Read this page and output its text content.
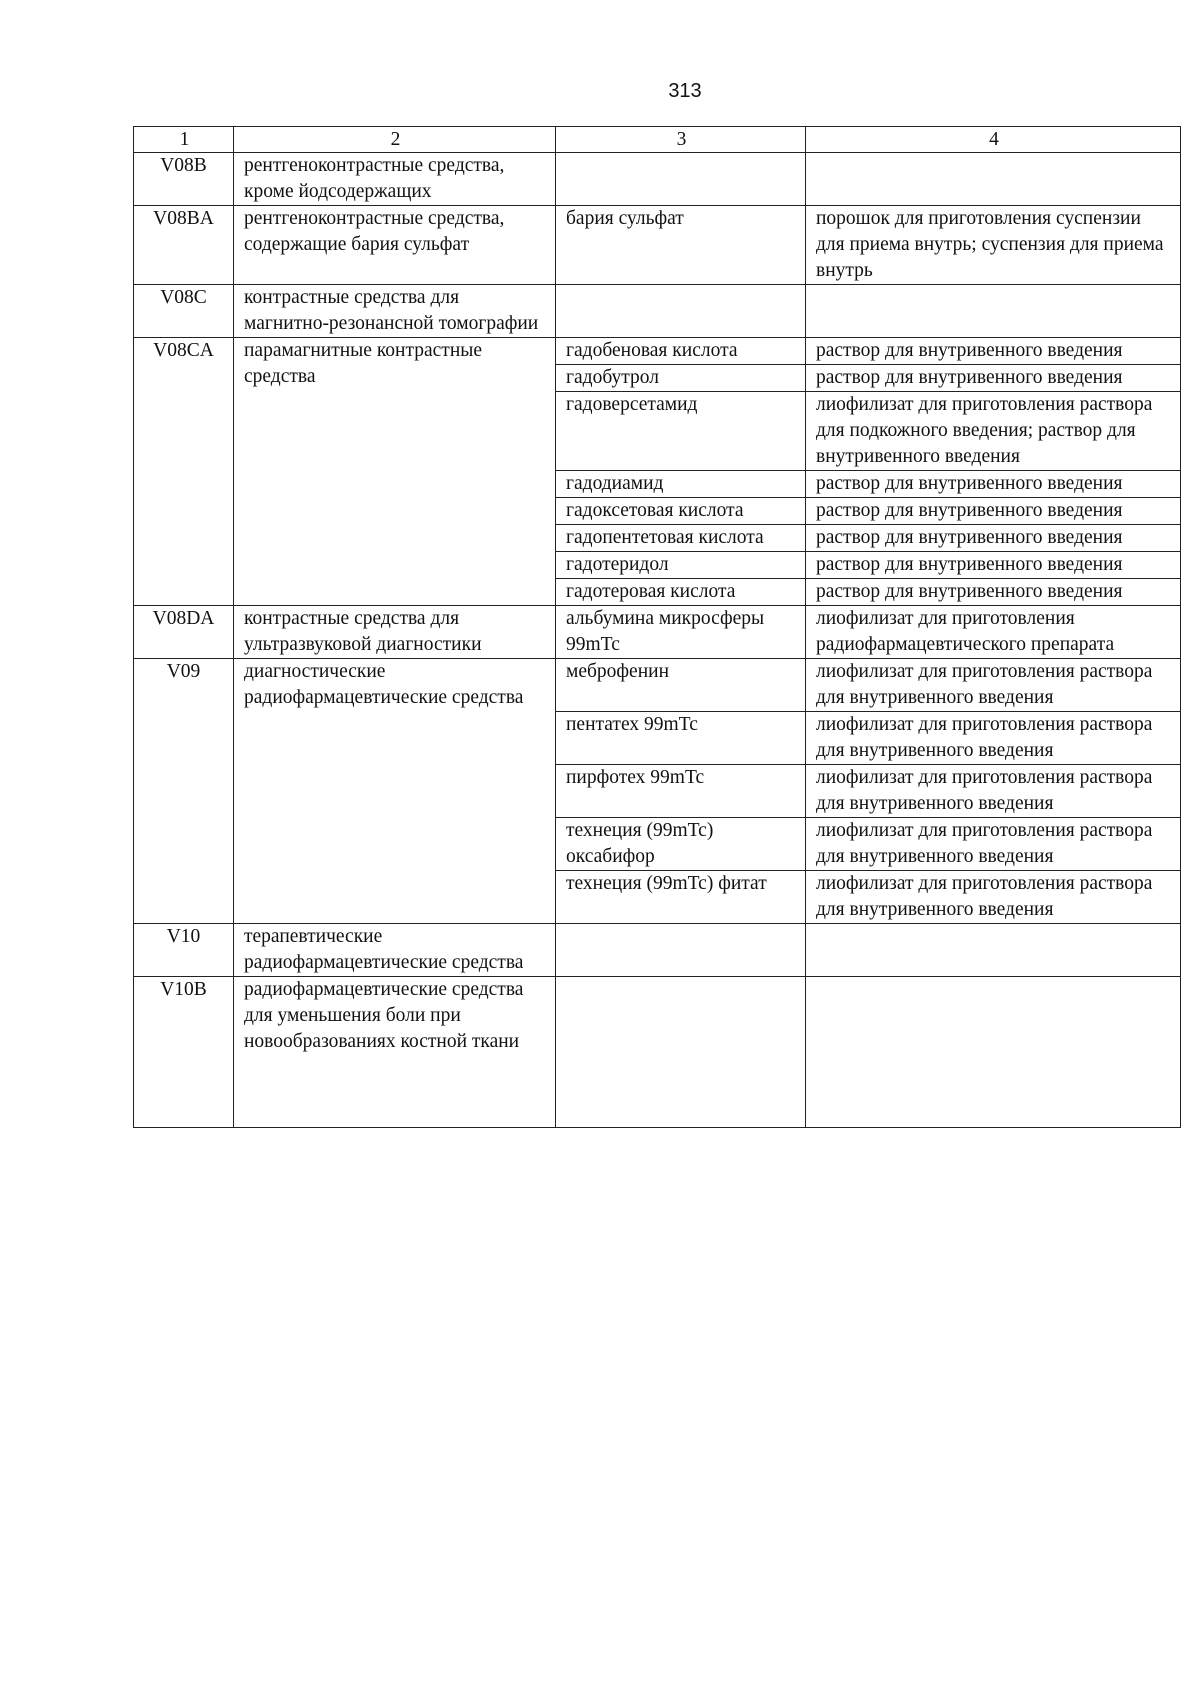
313
1	2	3	4
V08B	рентгеноконтрастные средства, кроме йодсодержащих		
V08BA	рентгеноконтрастные средства, содержащие бария сульфат	бария сульфат	порошок для приготовления суспензии для приема внутрь; суспензия для приема внутрь
V08C	контрастные средства для магнитно-резонансной томографии		
V08CA	парамагнитные контрастные средства	гадобеновая кислота	раствор для внутривенного введения
		гадобутрол	раствор для внутривенного введения
		гадоверсетамид	лиофилизат для приготовления раствора для подкожного введения; раствор для внутривенного введения
		гадодиамид	раствор для внутривенного введения
		гадоксетовая кислота	раствор для внутривенного введения
		гадопентетовая кислота	раствор для внутривенного введения
		гадотеридол	раствор для внутривенного введения
		гадотеровая кислота	раствор для внутривенного введения
V08DA	контрастные средства для ультразвуковой диагностики	альбумина микросферы 99mTc	лиофилизат для приготовления радиофармацевтического препарата
V09	диагностические радиофармацевтические средства	меброфенин	лиофилизат для приготовления раствора для внутривенного введения
		пентатех 99mTc	лиофилизат для приготовления раствора для внутривенного введения
		пирфотех 99mTc	лиофилизат для приготовления раствора для внутривенного введения
		технеция (99mTc) оксабифор	лиофилизат для приготовления раствора для внутривенного введения
		технеция (99mTc) фитат	лиофилизат для приготовления раствора для внутривенного введения
V10	терапевтические радиофармацевтические средства		
V10B	радиофармацевтические средства для уменьшения боли при новообразованиях костной ткани		
